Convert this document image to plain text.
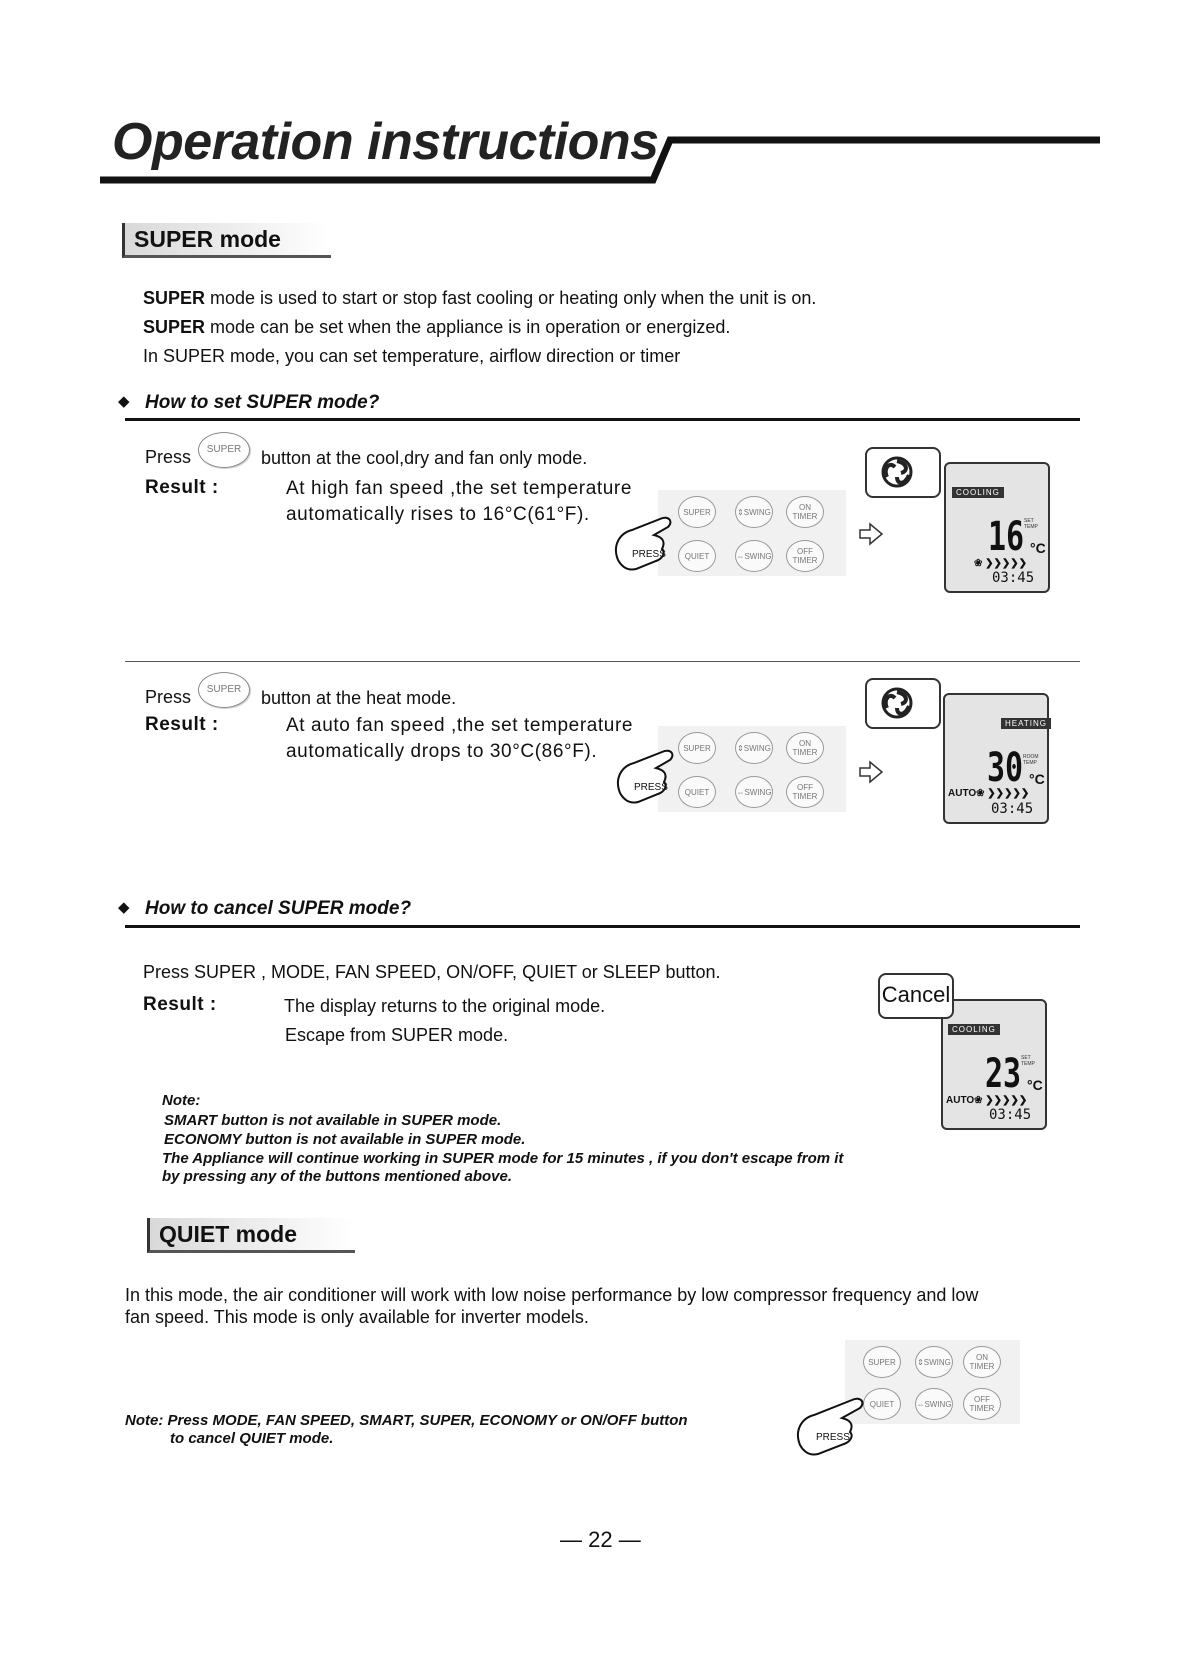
Operation instructions
SUPER mode
SUPER mode is used to start or stop fast cooling or heating only when the unit is on.
SUPER mode can be set when the appliance is in operation or energized.
In SUPER mode, you can set temperature, airflow direction or timer
◆ How to set SUPER mode?
Press	SUPER	button at the cool,dry and fan only mode.
Result :	At high fan speed ,the set temperature
automatically rises to 16°C(61°F).	SUPER	⇕SWING	ON TIMER
QUIET	⇔SWING	OFF TIMER
PRESS
COOLING
SET TEMP
16 °C
❀ ❯❯❯❯❯
03:45
Press	SUPER	button at the heat mode.
Result :	At auto fan speed ,the set temperature
automatically drops to 30°C(86°F).	SUPER	⇕SWING	ON TIMER
QUIET	⇔SWING	OFF TIMER
PRESS
HEATING
ROOM TEMP
30 °C
AUTO❀ ❯❯❯❯❯
03:45
◆ How to cancel SUPER mode?
Press SUPER , MODE, FAN SPEED, ON/OFF, QUIET or SLEEP button.
Result :	The display returns to the original mode.
Escape from SUPER mode.	COOLING
SET TEMP
23 °C
AUTO❀ ❯❯❯❯❯
03:45
Cancel
Note:
SMART button is not available in SUPER mode.
ECONOMY button is not available in SUPER mode.
The Appliance will continue working in SUPER mode for 15 minutes , if you don't escape from it
by pressing any of the buttons mentioned above.
QUIET mode
In this mode, the air conditioner will work with low noise performance by low compressor frequency and low
fan speed. This mode is only available for inverter models.
SUPER	⇕SWING	ON TIMER
QUIET	⇔SWING	OFF TIMER
PRESS
Note: Press MODE, FAN SPEED, SMART, SUPER, ECONOMY or ON/OFF button
to cancel QUIET mode.
— 22 —
